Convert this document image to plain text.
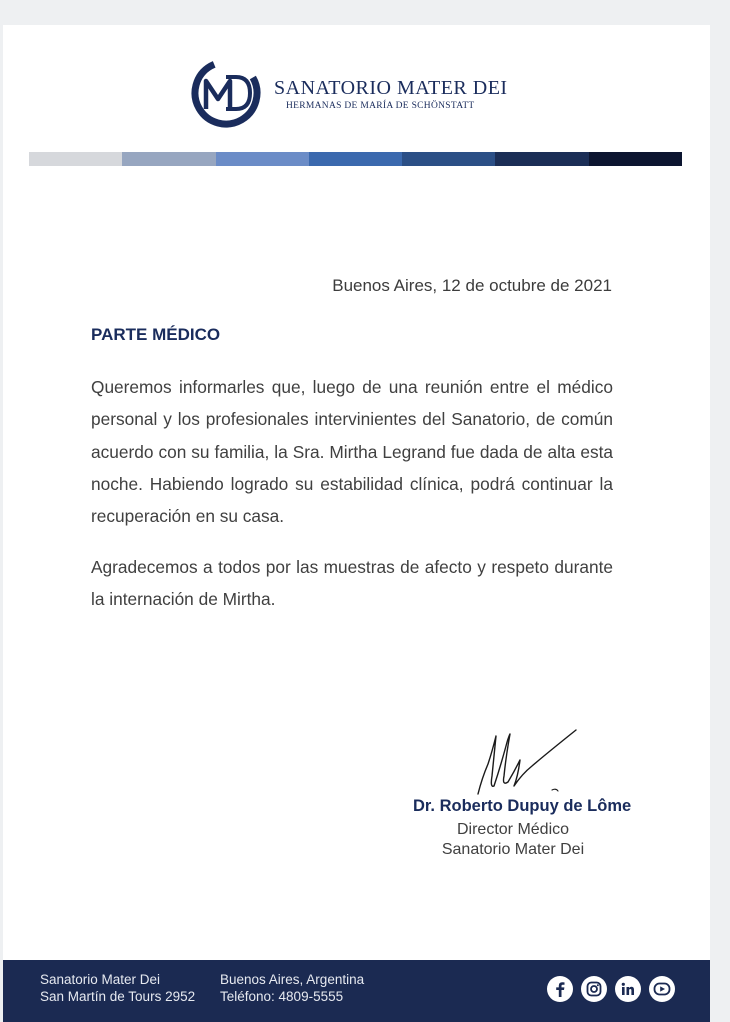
SANATORIO MATER DEI
HERMANAS DE MARÍA DE SCHÖNSTATT
Buenos Aires, 12 de octubre de 2021
PARTE MÉDICO

Queremos informarles que, luego de una reunión entre el médico personal y los profesionales intervinientes del Sanatorio, de común acuerdo con su familia, la Sra. Mirtha Legrand fue dada de alta esta noche. Habiendo logrado su estabilidad clínica, podrá continuar la recuperación en su casa.

Agradecemos a todos por las muestras de afecto y respeto durante la internación de Mirtha.

Dr. Roberto Dupuy de Lôme
Director Médico
Sanatorio Mater Dei
Sanatorio Mater Dei
San Martín de Tours 2952
Buenos Aires, Argentina
Teléfono: 4809-5555
